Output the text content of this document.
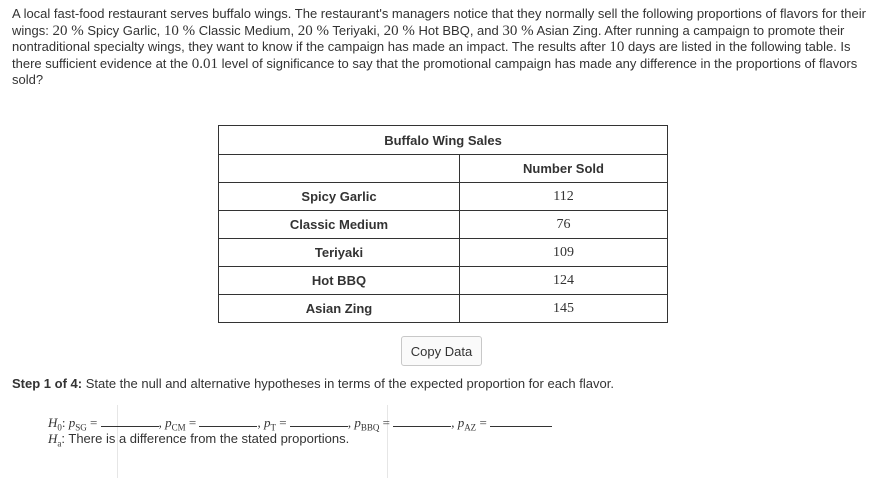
A local fast-food restaurant serves buffalo wings. The restaurant's managers notice that they normally sell the following proportions of flavors for their wings: 20 % Spicy Garlic, 10 % Classic Medium, 20 % Teriyaki, 20 % Hot BBQ, and 30 % Asian Zing. After running a campaign to promote their nontraditional specialty wings, they want to know if the campaign has made an impact. The results after 10 days are listed in the following table. Is there sufficient evidence at the 0.01 level of significance to say that the promotional campaign has made any difference in the proportions of flavors sold?
Buffalo Wing Sales	
	Number Sold
Spicy Garlic	112
Classic Medium	76
Teriyaki	109
Hot BBQ	124
Asian Zing	145
Copy Data
Step 1 of 4: State the null and alternative hypotheses in terms of the expected proportion for each flavor.
$H_0$: $p_{SG}$ =	, $p_{CM}$ =	, $p_T$ =	, $p_{BBQ}$ =	, $p_{AZ}$ =
$H_a$: There is a difference from the stated proportions.
